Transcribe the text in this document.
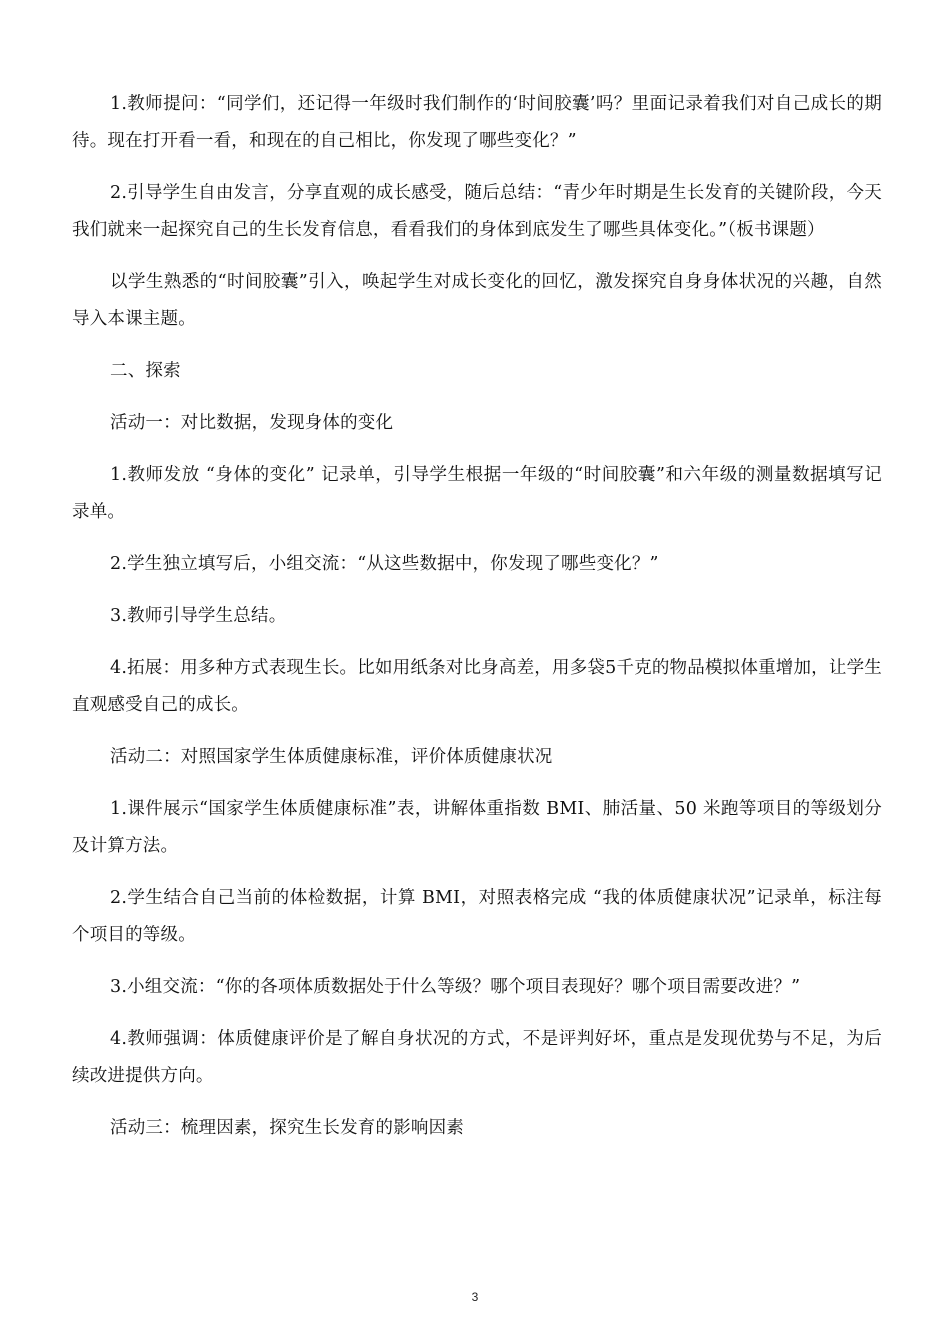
1.教师提问：“同学们，还记得一年级时我们制作的‘时间胶囊’吗？里面记录着我们对自己成长的期待。现在打开看一看，和现在的自己相比，你发现了哪些变化？”

2.引导学生自由发言，分享直观的成长感受，随后总结：“青少年时期是生长发育的关键阶段，今天我们就来一起探究自己的生长发育信息，看看我们的身体到底发生了哪些具体变化。”（板书课题）

以学生熟悉的“时间胶囊”引入，唤起学生对成长变化的回忆，激发探究自身身体状况的兴趣，自然导入本课主题。

二、探索

活动一：对比数据，发现身体的变化

1.教师发放 “身体的变化” 记录单，引导学生根据一年级的“时间胶囊”和六年级的测量数据填写记录单。

2.学生独立填写后，小组交流：“从这些数据中，你发现了哪些变化？”

3.教师引导学生总结。

4.拓展：用多种方式表现生长。比如用纸条对比身高差，用多袋5千克的物品模拟体重增加，让学生直观感受自己的成长。

活动二：对照国家学生体质健康标准，评价体质健康状况

1.课件展示“国家学生体质健康标准”表，讲解体重指数 BMI、肺活量、50 米跑等项目的等级划分及计算方法。

2.学生结合自己当前的体检数据，计算 BMI，对照表格完成 “我的体质健康状况”记录单，标注每个项目的等级。

3.小组交流：“你的各项体质数据处于什么等级？哪个项目表现好？哪个项目需要改进？”

4.教师强调：体质健康评价是了解自身状况的方式，不是评判好坏，重点是发现优势与不足，为后续改进提供方向。

活动三：梳理因素，探究生长发育的影响因素

3
